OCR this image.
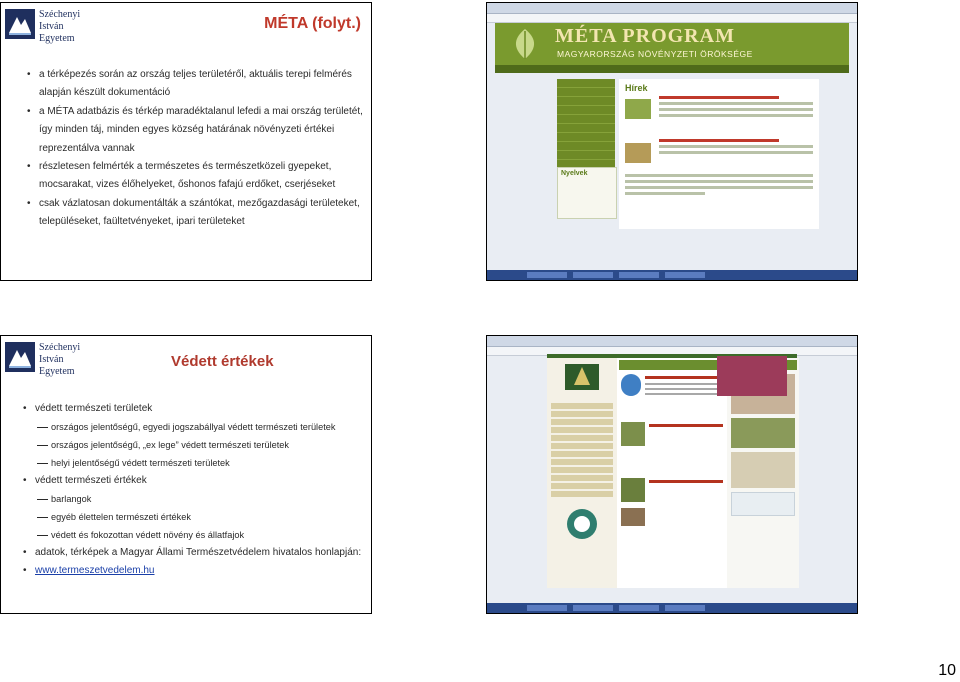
Széchenyi
István
Egyetem
MÉTA (folyt.)
• a térképezés során az ország teljes területéről, aktuális terepi felmérés alapján készült dokumentáció
• a MÉTA adatbázis és térkép maradéktalanul lefedi a mai ország területét, így minden táj, minden egyes község határának növényzeti értékei reprezentálva vannak
• részletesen felmérték a természetes és természetközeli gyepeket, mocsarakat, vizes élőhelyeket, őshonos fafajú erdőket, cserjéseket
• csak vázlatosan dokumentálták a szántókat, mezőgazdasági területeket, településeket, faültetvényeket, ipari területeket
MÉTA PROGRAM
MAGYARORSZÁG NÖVÉNYZETI ÖRÖKSÉGE
Nyelvek
Hírek
Széchenyi
István
Egyetem
Védett értékek
• védett természeti területek
országos jelentőségű, egyedi jogszabállyal védett természeti területek
országos jelentőségű, „ex lege” védett természeti területek
helyi jelentőségű védett természeti területek
• védett természeti értékek
barlangok
egyéb élettelen természeti értékek
védett és fokozottan védett növény és állatfajok
• adatok, térképek a Magyar Állami Természetvédelem hivatalos honlapján:
• www.termeszetvedelem.hu
10
